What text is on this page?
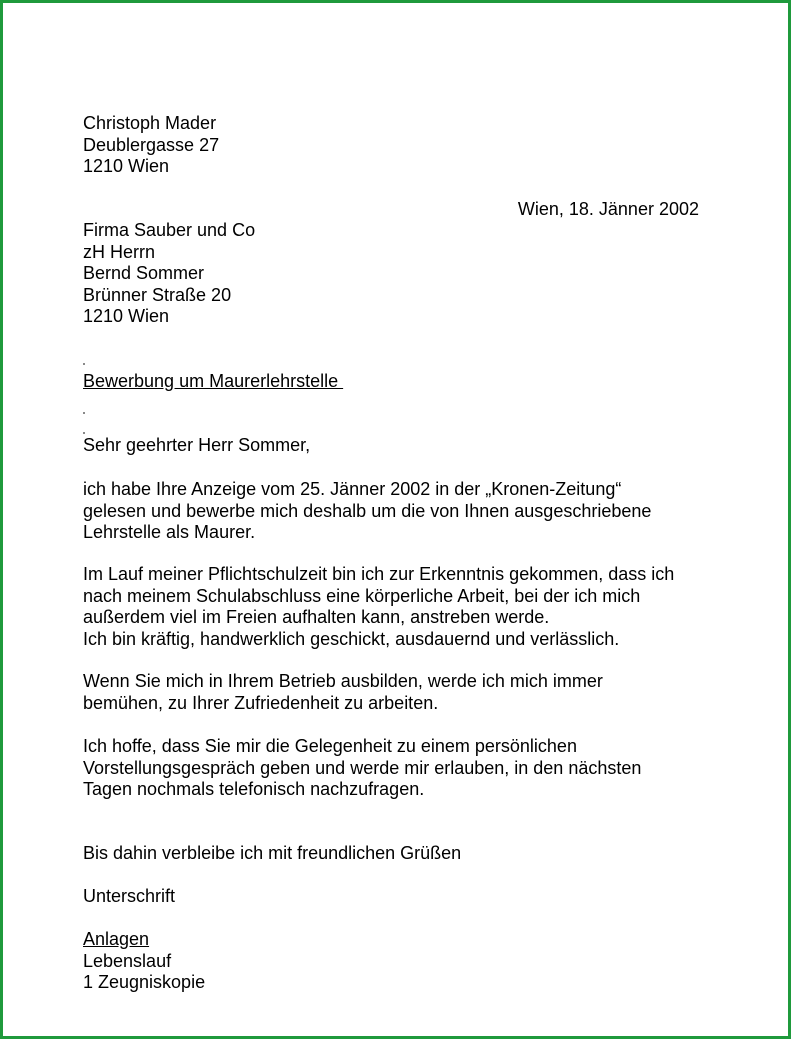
Christoph Mader
Deublergasse 27
1210 Wien
Wien, 18. Jänner 2002
Firma Sauber und Co
zH Herrn
Bernd Sommer
Brünner Straße 20
1210 Wien
Bewerbung um Maurerlehrstelle
Sehr geehrter Herr Sommer,
ich habe Ihre Anzeige vom 25. Jänner 2002 in der „Kronen-Zeitung“
gelesen und bewerbe mich deshalb um die von Ihnen ausgeschriebene
Lehrstelle als Maurer.
Im Lauf meiner Pflichtschulzeit bin ich zur Erkenntnis gekommen, dass ich
nach meinem Schulabschluss eine körperliche Arbeit, bei der ich mich
außerdem viel im Freien aufhalten kann, anstreben werde.
Ich bin kräftig, handwerklich geschickt, ausdauernd und verlässlich.
Wenn Sie mich in Ihrem Betrieb ausbilden, werde ich mich immer
bemühen, zu Ihrer Zufriedenheit zu arbeiten.
Ich hoffe, dass Sie mir die Gelegenheit zu einem persönlichen
Vorstellungsgespräch geben und werde mir erlauben, in den nächsten
Tagen nochmals telefonisch nachzufragen.
Bis dahin verbleibe ich mit freundlichen Grüßen
Unterschrift
Anlagen
Lebenslauf
1 Zeugniskopie
